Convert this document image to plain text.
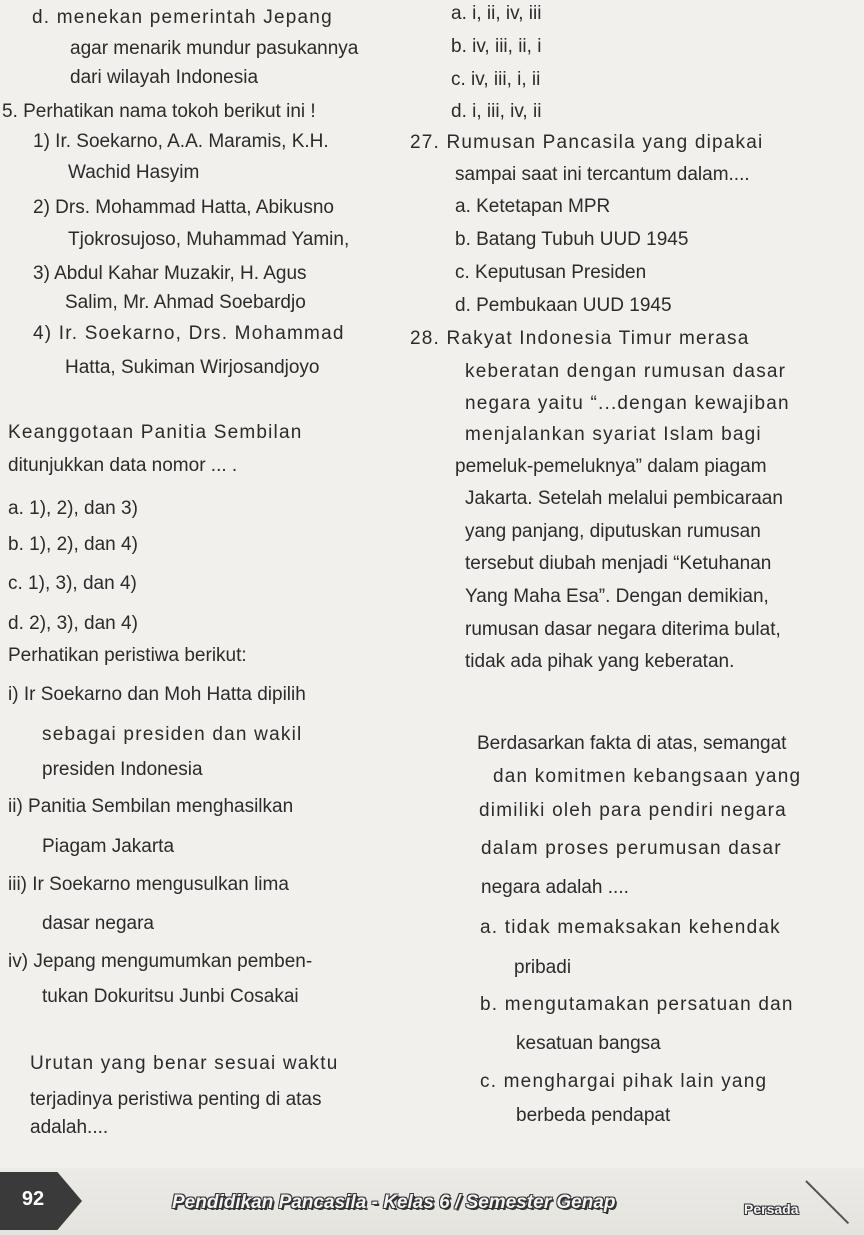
d. menekan pemerintah Jepang
agar menarik mundur pasukannya
dari wilayah Indonesia
5. Perhatikan nama tokoh berikut ini !
1) Ir. Soekarno, A.A. Maramis, K.H.
Wachid Hasyim
2) Drs. Mohammad Hatta, Abikusno
Tjokrosujoso, Muhammad Yamin,
3) Abdul Kahar Muzakir, H. Agus
Salim, Mr. Ahmad Soebardjo
4) Ir. Soekarno, Drs. Mohammad
Hatta, Sukiman Wirjosandjoyo
Keanggotaan Panitia Sembilan
ditunjukkan data nomor ... .
a. 1), 2), dan 3)
b. 1), 2), dan 4)
c. 1), 3), dan 4)
d. 2), 3), dan 4)
Perhatikan peristiwa berikut:
i) Ir Soekarno dan Moh Hatta dipilih
sebagai presiden dan wakil
presiden Indonesia
ii) Panitia Sembilan menghasilkan
Piagam Jakarta
iii) Ir Soekarno mengusulkan lima
dasar negara
iv) Jepang mengumumkan pemben-
tukan Dokuritsu Junbi Cosakai
Urutan yang benar sesuai waktu
terjadinya peristiwa penting di atas
adalah....
a. i, ii, iv, iii
b. iv, iii, ii, i
c. iv, iii, i, ii
d. i, iii, iv, ii
27. Rumusan Pancasila yang dipakai
sampai saat ini tercantum dalam....
a. Ketetapan MPR
b. Batang Tubuh UUD 1945
c. Keputusan Presiden
d. Pembukaan UUD 1945
28. Rakyat Indonesia Timur merasa
keberatan dengan rumusan dasar
negara yaitu “...dengan kewajiban
menjalankan syariat Islam bagi
pemeluk-pemeluknya” dalam piagam
Jakarta. Setelah melalui pembicaraan
yang panjang, diputuskan rumusan
tersebut diubah menjadi “Ketuhanan
Yang Maha Esa”. Dengan demikian,
rumusan dasar negara diterima bulat,
tidak ada pihak yang keberatan.
Berdasarkan fakta di atas, semangat
dan komitmen kebangsaan yang
dimiliki oleh para pendiri negara
dalam proses perumusan dasar
negara adalah ....
a. tidak memaksakan kehendak
pribadi
b. mengutamakan persatuan dan
kesatuan bangsa
c. menghargai pihak lain yang
berbeda pendapat
92	Pendidikan Pancasila - Kelas 6 / Semester Genap	Persada
